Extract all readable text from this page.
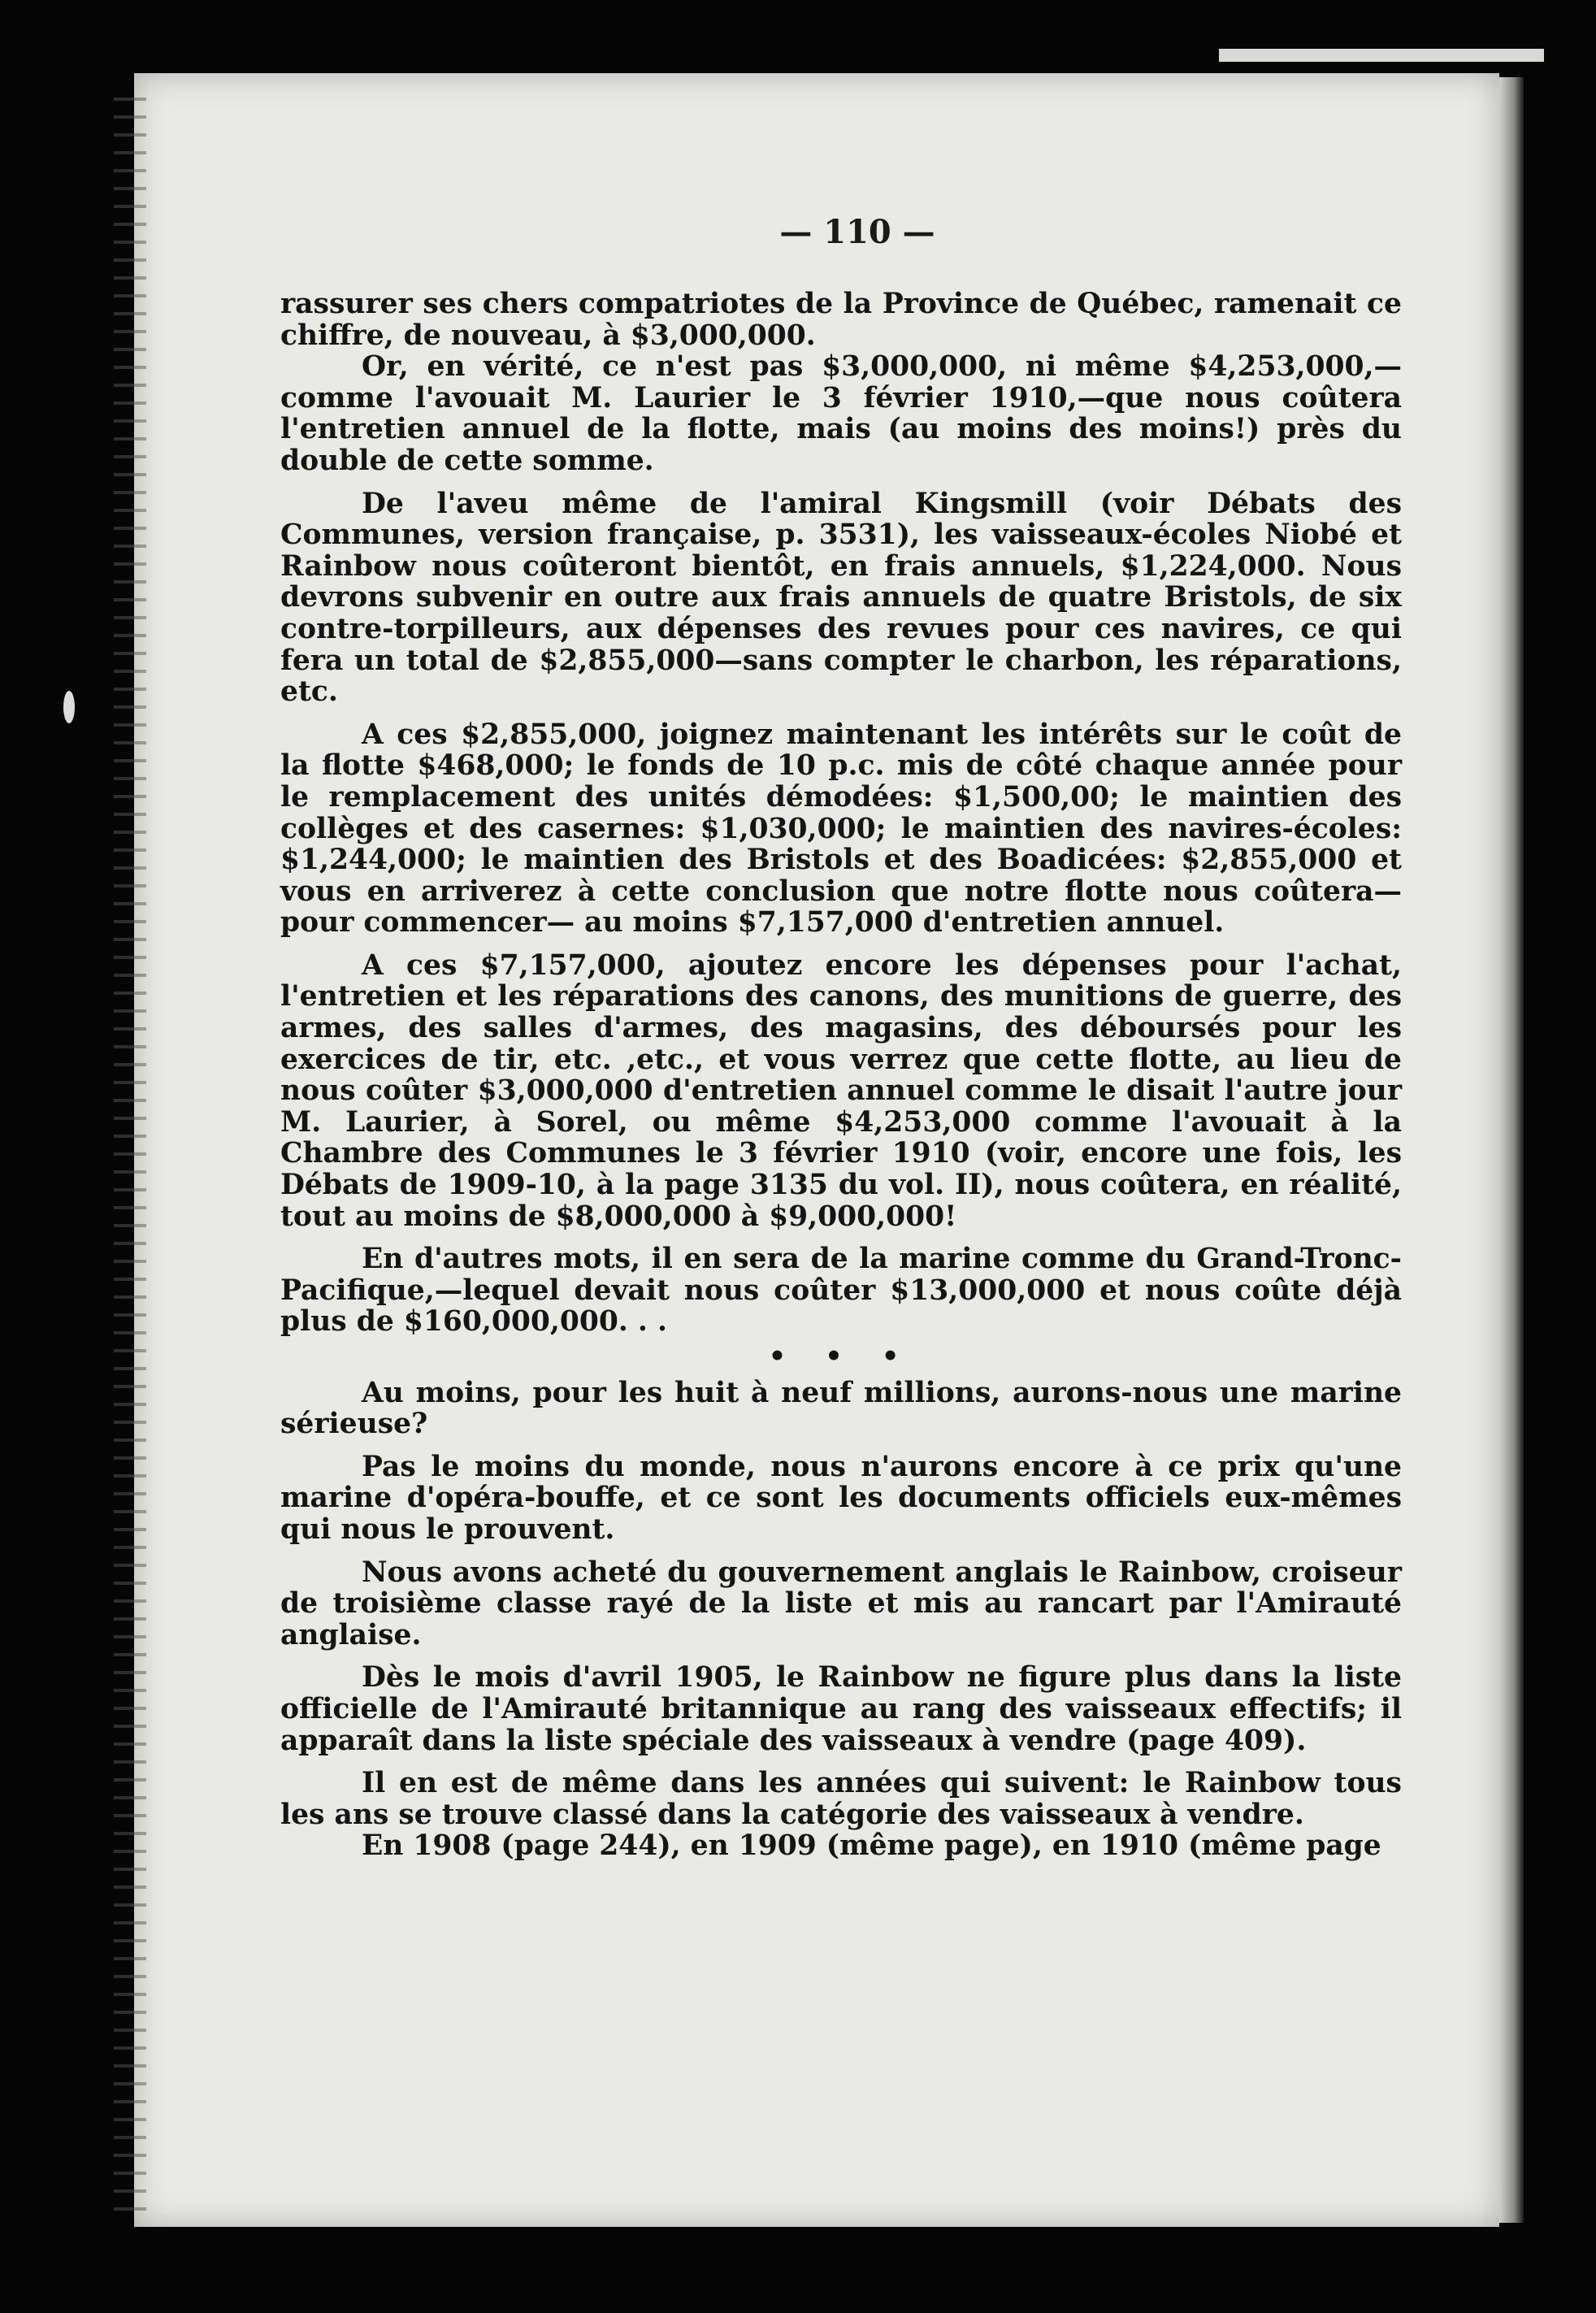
— 110 —

rassurer ses chers compatriotes de la Province de Québec, ramenait ce chiffre, de nouveau, à $3,000,000.

Or, en vérité, ce n'est pas $3,000,000, ni même $4,253,000,—comme l'avouait M. Laurier le 3 février 1910,—que nous coûtera l'entretien annuel de la flotte, mais (au moins des moins!) près du double de cette somme.

De l'aveu même de l'amiral Kingsmill (voir Débats des Communes, version française, p. 3531), les vaisseaux-écoles Niobé et Rainbow nous coûteront bientôt, en frais annuels, $1,224,000. Nous devrons subvenir en outre aux frais annuels de quatre Bristols, de six contre-torpilleurs, aux dépenses des revues pour ces navires, ce qui fera un total de $2,855,000—sans compter le charbon, les réparations, etc.

A ces $2,855,000, joignez maintenant les intérêts sur le coût de la flotte $468,000; le fonds de 10 p.c. mis de côté chaque année pour le remplacement des unités démodées: $1,500,00; le maintien des collèges et des casernes: $1,030,000; le maintien des navires-écoles: $1,244,000; le maintien des Bristols et des Boadicées: $2,855,000 et vous en arriverez à cette conclusion que notre flotte nous coûtera—pour commencer— au moins $7,157,000 d'entretien annuel.

A ces $7,157,000, ajoutez encore les dépenses pour l'achat, l'entretien et les réparations des canons, des munitions de guerre, des armes, des salles d'armes, des magasins, des déboursés pour les exercices de tir, etc. ,etc., et vous verrez que cette flotte, au lieu de nous coûter $3,000,000 d'entretien annuel comme le disait l'autre jour M. Laurier, à Sorel, ou même $4,253,000 comme l'avouait à la Chambre des Communes le 3 février 1910 (voir, encore une fois, les Débats de 1909-10, à la page 3135 du vol. II), nous coûtera, en réalité, tout au moins de $8,000,000 à $9,000,000!

En d'autres mots, il en sera de la marine comme du Grand-Tronc-Pacifique,—lequel devait nous coûter $13,000,000 et nous coûte déjà plus de $160,000,000. . .

• • •

Au moins, pour les huit à neuf millions, aurons-nous une marine sérieuse?

Pas le moins du monde, nous n'aurons encore à ce prix qu'une marine d'opéra-bouffe, et ce sont les documents officiels eux-mêmes qui nous le prouvent.

Nous avons acheté du gouvernement anglais le Rainbow, croiseur de troisième classe rayé de la liste et mis au rancart par l'Amirauté anglaise.

Dès le mois d'avril 1905, le Rainbow ne figure plus dans la liste officielle de l'Amirauté britannique au rang des vaisseaux effectifs; il apparaît dans la liste spéciale des vaisseaux à vendre (page 409).

Il en est de même dans les années qui suivent: le Rainbow tous les ans se trouve classé dans la catégorie des vaisseaux à vendre.

En 1908 (page 244), en 1909 (même page), en 1910 (même page
